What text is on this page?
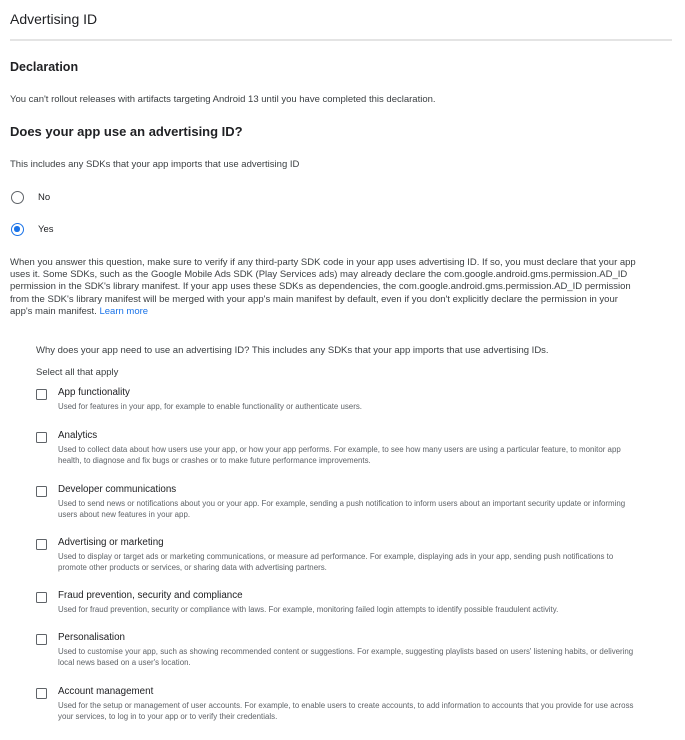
Advertising ID
Declaration
You can't rollout releases with artifacts targeting Android 13 until you have completed this declaration.
Does your app use an advertising ID?
This includes any SDKs that your app imports that use advertising ID
No
Yes
When you answer this question, make sure to verify if any third-party SDK code in your app uses advertising ID. If so, you must declare that your app uses it. Some SDKs, such as the Google Mobile Ads SDK (Play Services ads) may already declare the com.google.android.gms.permission.AD_ID permission in the SDK's library manifest. If your app uses these SDKs as dependencies, the com.google.android.gms.permission.AD_ID permission from the SDK's library manifest will be merged with your app's main manifest by default, even if you don't explicitly declare the permission in your app's main manifest. Learn more
Why does your app need to use an advertising ID? This includes any SDKs that your app imports that use advertising IDs.
Select all that apply
App functionality
Used for features in your app, for example to enable functionality or authenticate users.
Analytics
Used to collect data about how users use your app, or how your app performs. For example, to see how many users are using a particular feature, to monitor app health, to diagnose and fix bugs or crashes or to make future performance improvements.
Developer communications
Used to send news or notifications about you or your app. For example, sending a push notification to inform users about an important security update or informing users about new features in your app.
Advertising or marketing
Used to display or target ads or marketing communications, or measure ad performance. For example, displaying ads in your app, sending push notifications to promote other products or services, or sharing data with advertising partners.
Fraud prevention, security and compliance
Used for fraud prevention, security or compliance with laws. For example, monitoring failed login attempts to identify possible fraudulent activity.
Personalisation
Used to customise your app, such as showing recommended content or suggestions. For example, suggesting playlists based on users' listening habits, or delivering local news based on a user's location.
Account management
Used for the setup or management of user accounts. For example, to enable users to create accounts, to add information to accounts that you provide for use across your services, to log in to your app or to verify their credentials.
